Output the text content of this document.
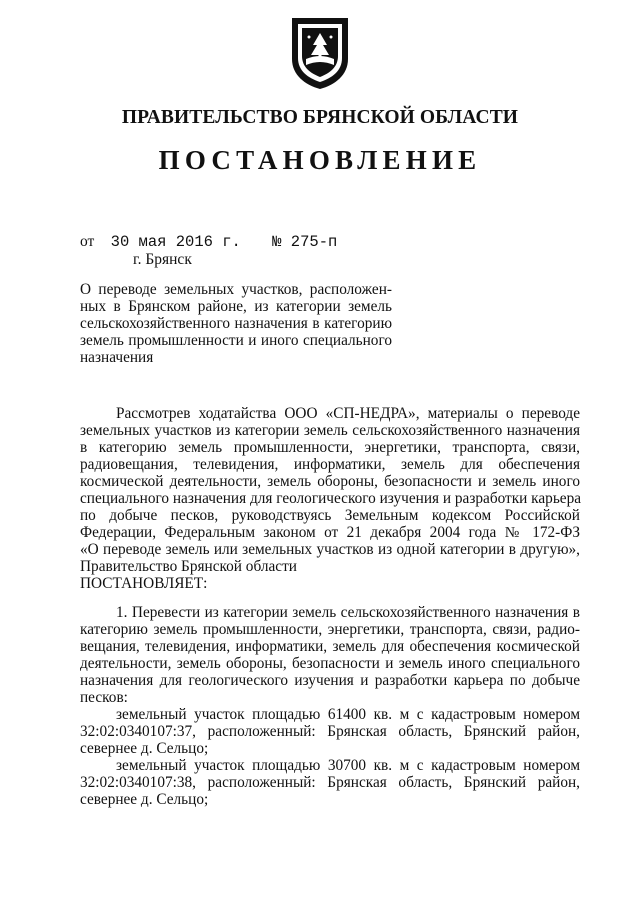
ПРАВИТЕЛЬСТВО БРЯНСКОЙ ОБЛАСТИ
ПОСТАНОВЛЕНИЕ
от 30 мая 2016 г. № 275-п
г. Брянск
О переводе земельных участков, расположен-
ных в Брянском районе, из категории земель
сельскохозяйственного назначения в категорию
земель промышленности и иного специального
назначения
Рассмотрев ходатайства ООО «СП-НЕДРА», материалы о переводе
земельных участков из категории земель сельскохозяйственного назначения
в категорию земель промышленности, энергетики, транспорта, связи,
радиовещания, телевидения, информатики, земель для обеспечения
космической деятельности, земель обороны, безопасности и земель иного
специального назначения для геологического изучения и разработки карьера
по добыче песков, руководствуясь Земельным кодексом Российской
Федерации, Федеральным законом от 21 декабря 2004 года № 172-ФЗ
«О переводе земель или земельных участков из одной категории в другую»,
Правительство Брянской области
ПОСТАНОВЛЯЕТ:
1. Перевести из категории земель сельскохозяйственного назначения в
категорию земель промышленности, энергетики, транспорта, связи, радио-
вещания, телевидения, информатики, земель для обеспечения космической
деятельности, земель обороны, безопасности и земель иного специального
назначения для геологического изучения и разработки карьера по добыче
песков:
земельный участок площадью 61400 кв. м с кадастровым номером
32:02:0340107:37, расположенный: Брянская область, Брянский район,
севернее д. Сельцо;
земельный участок площадью 30700 кв. м с кадастровым номером
32:02:0340107:38, расположенный: Брянская область, Брянский район,
севернее д. Сельцо;
